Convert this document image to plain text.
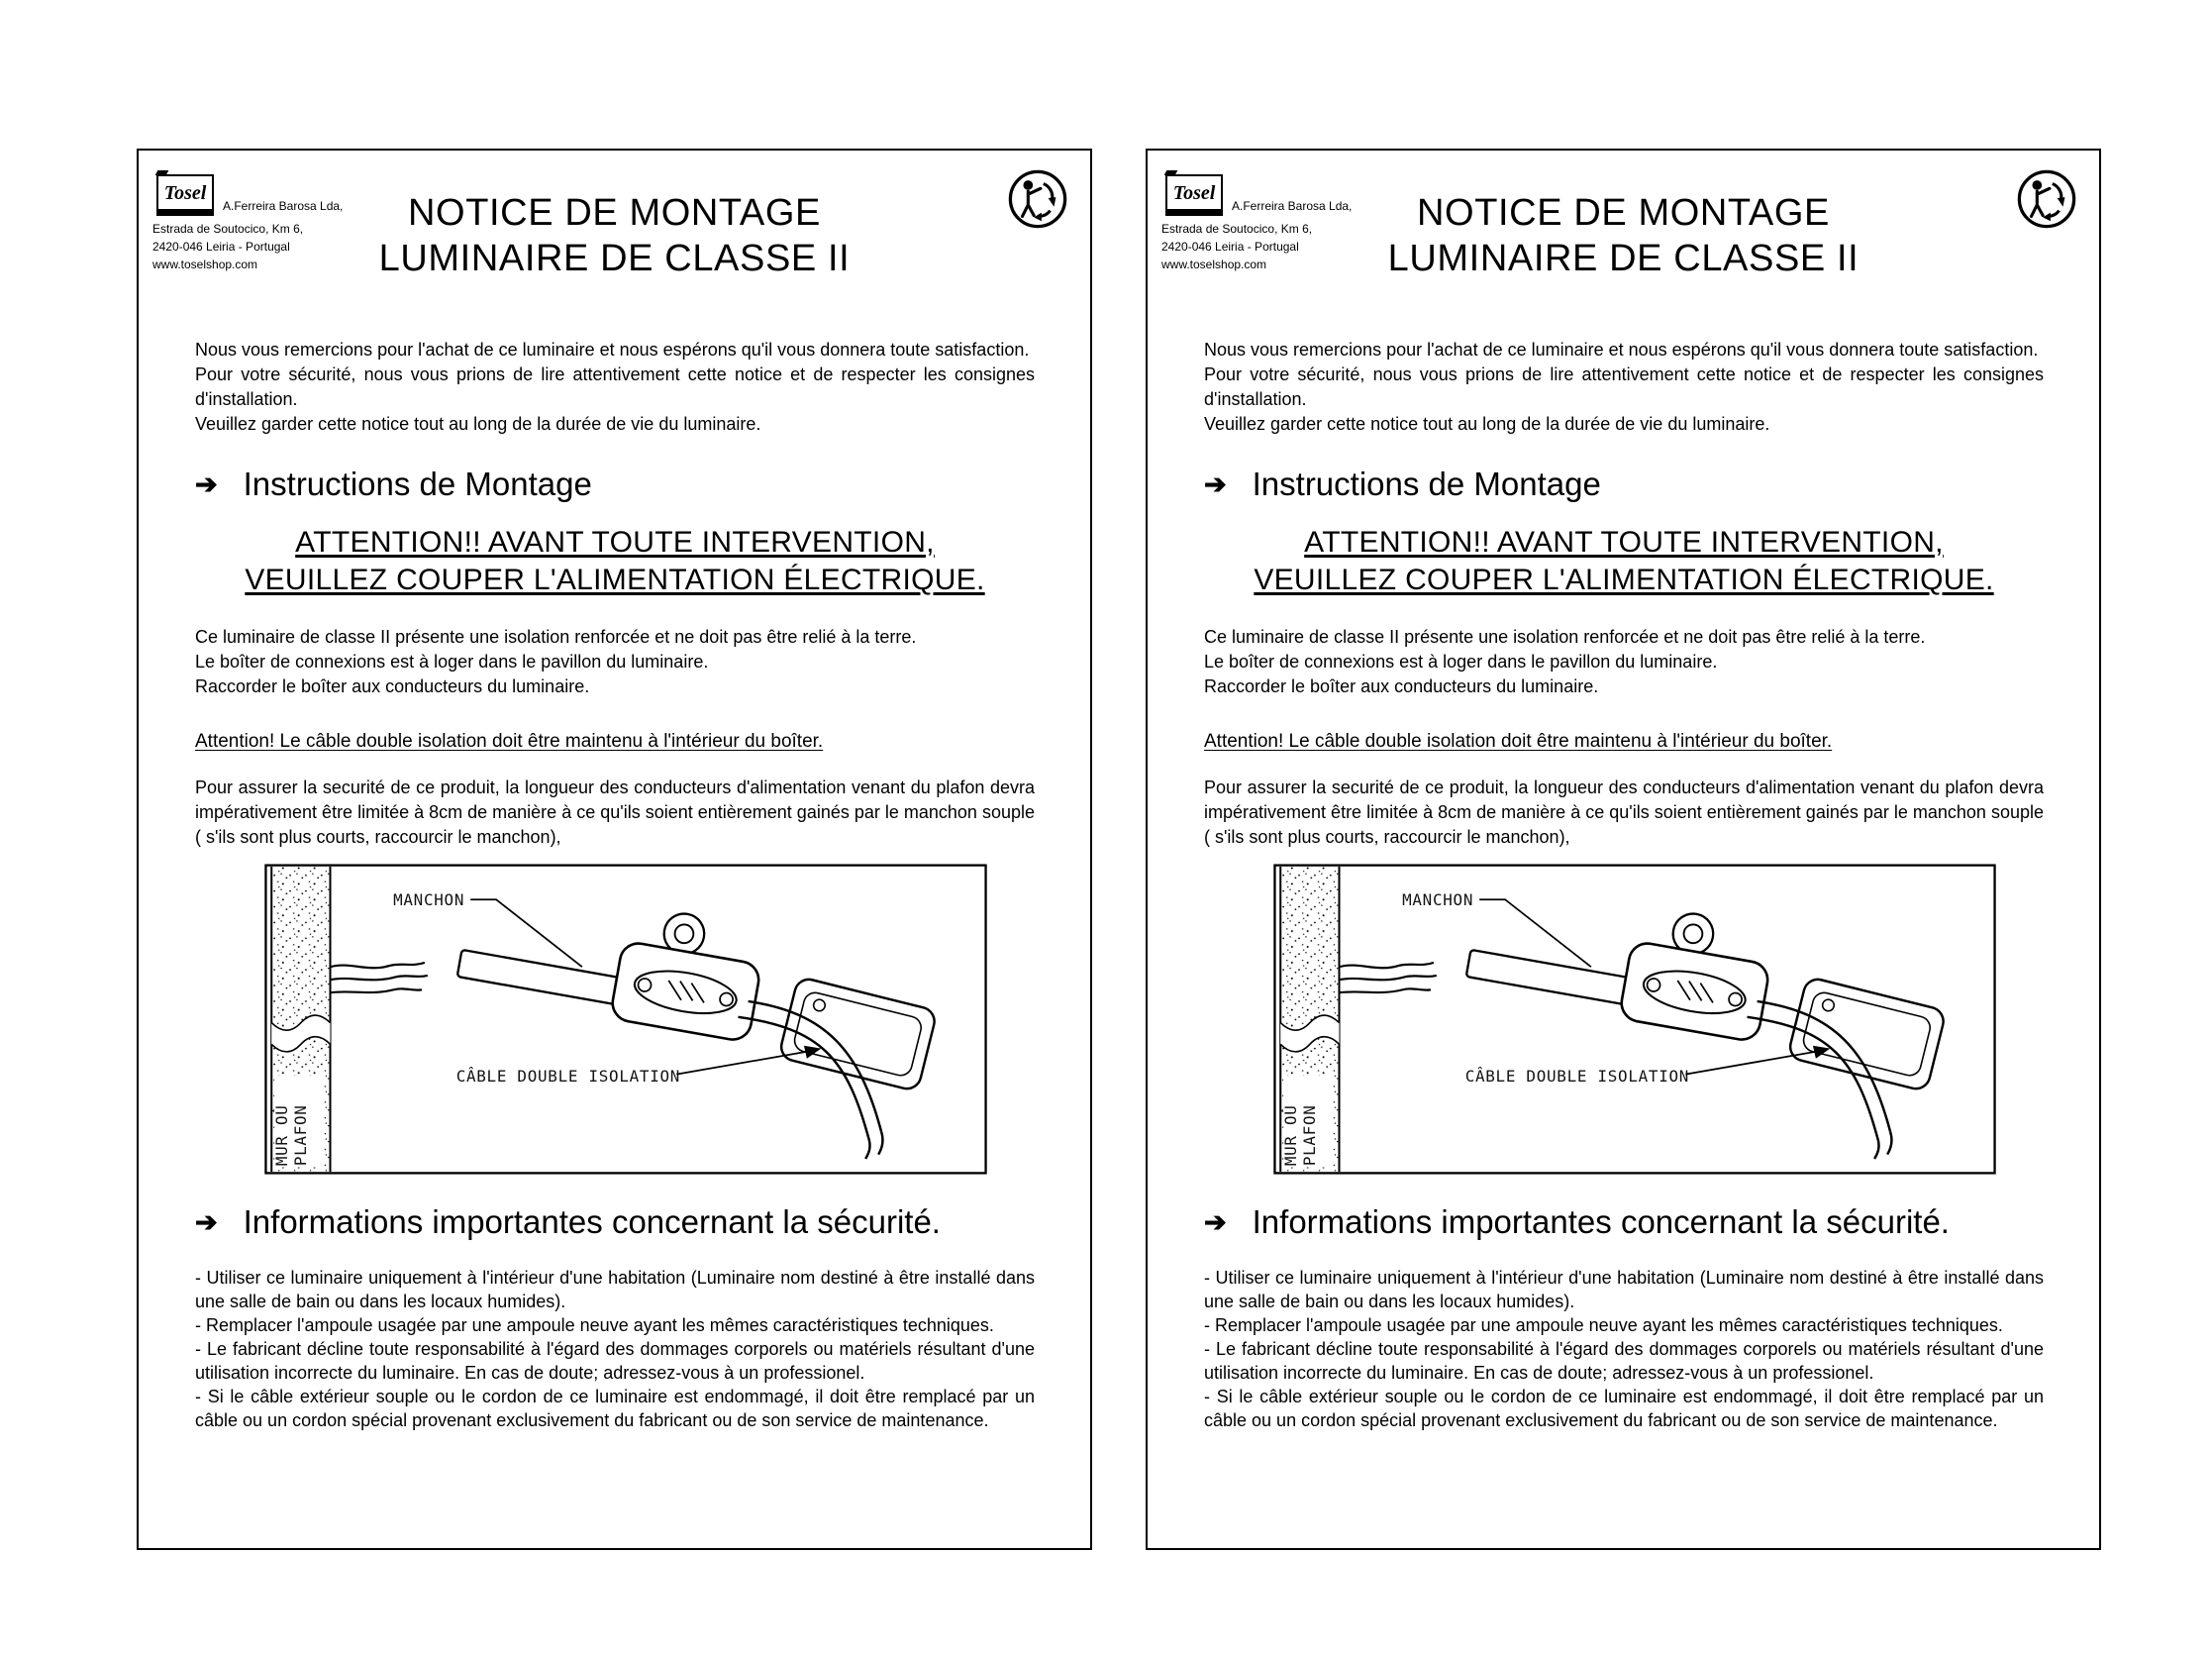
Tosel
A.Ferreira Barosa Lda,
Estrada de Soutocico, Km 6,
2420-046 Leiria - Portugal
www.toselshop.com
NOTICE DE MONTAGE
LUMINAIRE DE CLASSE II

Nous vous remercions pour l'achat de ce luminaire et nous espérons qu'il vous donnera toute satisfaction.

Pour votre sécurité, nous vous prions de lire attentivement cette notice et de respecter les consignes d'installation.

Veuillez garder cette notice tout au long de la durée de vie du luminaire.

➔ Instructions de Montage
ATTENTION!! AVANT TOUTE INTERVENTION,
VEUILLEZ COUPER L'ALIMENTATION ÉLECTRIQUE.

Ce luminaire de classe II présente une isolation renforcée et ne doit pas être relié à la terre.

Le boîter de connexions est à loger dans le pavillon du luminaire.

Raccorder le boîter aux conducteurs du luminaire.

Attention! Le câble double isolation doit être maintenu à l'intérieur du boîter.

Pour assurer la securité de ce produit, la longueur des conducteurs d'alimentation venant du plafon devra impérativement être limitée à 8cm de manière à ce qu'ils soient entièrement gainés par le manchon souple ( s'ils sont plus courts, raccourcir le manchon),

MUR OÙ PLAFON
MANCHON
CÂBLE DOUBLE ISOLATION
➔ Informations importantes concernant la sécurité.

- Utiliser ce luminaire uniquement à l'intérieur d'une habitation (Luminaire nom destiné à être installé dans une salle de bain ou dans les locaux humides).

- Remplacer l'ampoule usagée par une ampoule neuve ayant les mêmes caractéristiques techniques.

- Le fabricant décline toute responsabilité à l'égard des dommages corporels ou matériels résultant d'une utilisation incorrecte du luminaire. En cas de doute; adressez-vous à un professionel.

- Si le câble extérieur souple ou le cordon de ce luminaire est endommagé, il doit être remplacé par un câble ou un cordon spécial provenant exclusivement du fabricant ou de son service de maintenance.

Tosel
A.Ferreira Barosa Lda,
Estrada de Soutocico, Km 6,
2420-046 Leiria - Portugal
www.toselshop.com
NOTICE DE MONTAGE
LUMINAIRE DE CLASSE II

Nous vous remercions pour l'achat de ce luminaire et nous espérons qu'il vous donnera toute satisfaction.

Pour votre sécurité, nous vous prions de lire attentivement cette notice et de respecter les consignes d'installation.

Veuillez garder cette notice tout au long de la durée de vie du luminaire.

➔ Instructions de Montage
ATTENTION!! AVANT TOUTE INTERVENTION,
VEUILLEZ COUPER L'ALIMENTATION ÉLECTRIQUE.

Ce luminaire de classe II présente une isolation renforcée et ne doit pas être relié à la terre.

Le boîter de connexions est à loger dans le pavillon du luminaire.

Raccorder le boîter aux conducteurs du luminaire.

Attention! Le câble double isolation doit être maintenu à l'intérieur du boîter.

Pour assurer la securité de ce produit, la longueur des conducteurs d'alimentation venant du plafon devra impérativement être limitée à 8cm de manière à ce qu'ils soient entièrement gainés par le manchon souple ( s'ils sont plus courts, raccourcir le manchon),

MUR OÙ PLAFON
MANCHON
CÂBLE DOUBLE ISOLATION
➔ Informations importantes concernant la sécurité.

- Utiliser ce luminaire uniquement à l'intérieur d'une habitation (Luminaire nom destiné à être installé dans une salle de bain ou dans les locaux humides).

- Remplacer l'ampoule usagée par une ampoule neuve ayant les mêmes caractéristiques techniques.

- Le fabricant décline toute responsabilité à l'égard des dommages corporels ou matériels résultant d'une utilisation incorrecte du luminaire. En cas de doute; adressez-vous à un professionel.

- Si le câble extérieur souple ou le cordon de ce luminaire est endommagé, il doit être remplacé par un câble ou un cordon spécial provenant exclusivement du fabricant ou de son service de maintenance.
